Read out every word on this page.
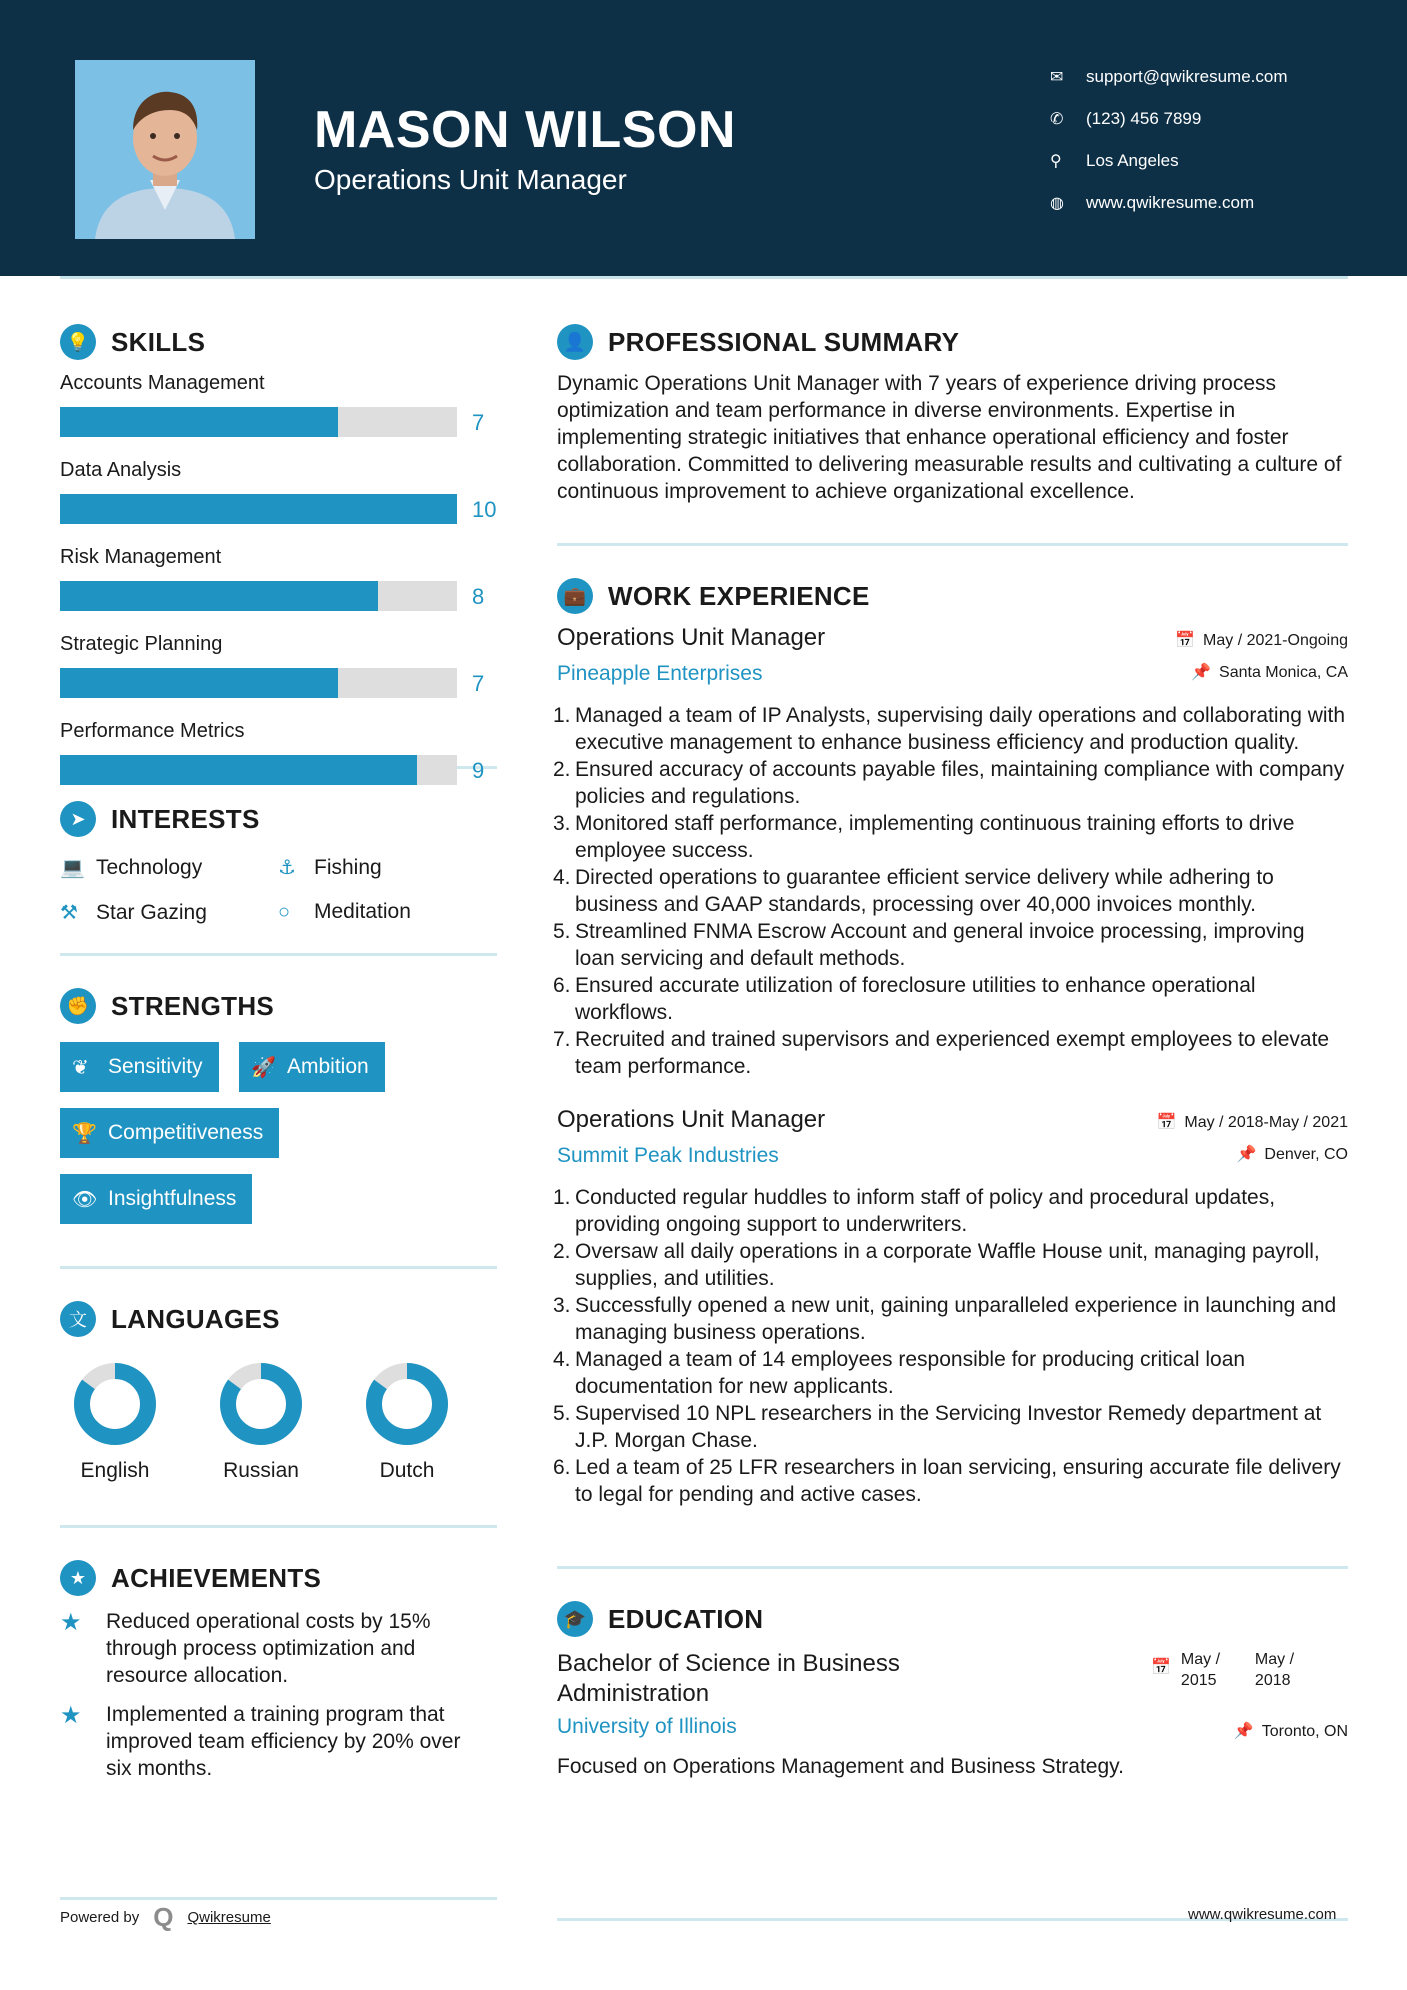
MASON WILSON
Operations Unit Manager
✉	support@qwikresume.com
✆	(123) 456 7899
⚲	Los Angeles
◍	www.qwikresume.com
💡 SKILLS
Accounts Management
7
Data Analysis
10
Risk Management
8
Strategic Planning
7
Performance Metrics
9
➤ INTERESTS
💻 Technology	⚓ Fishing
⚒ Star Gazing	○	Meditation
✊ STRENGTHS
❦ Sensitivity 🚀 Ambition
🏆 Competitiveness
👁 Insightfulness
文 LANGUAGES
English	Russian	Dutch
★ ACHIEVEMENTS
★	Reduced operational costs by 15% through process optimization and resource allocation.
★	Implemented a training program that improved team efficiency by 20% over six months.
Powered by Q Qwikresume
👤 PROFESSIONAL SUMMARY
Dynamic Operations Unit Manager with 7 years of experience driving process optimization and team performance in diverse environments. Expertise in implementing strategic initiatives that enhance operational efficiency and foster collaboration. Committed to delivering measurable results and cultivating a culture of continuous improvement to achieve organizational excellence.
💼 WORK EXPERIENCE
Operations Unit Manager
Pineapple Enterprises
📅 May / 2021-Ongoing
📌 Santa Monica, CA
1. Managed a team of IP Analysts, supervising daily operations and collaborating with executive management to enhance business efficiency and production quality.
2. Ensured accuracy of accounts payable files, maintaining compliance with company policies and regulations.
3. Monitored staff performance, implementing continuous training efforts to drive employee success.
4. Directed operations to guarantee efficient service delivery while adhering to business and GAAP standards, processing over 40,000 invoices monthly.
5. Streamlined FNMA Escrow Account and general invoice processing, improving loan servicing and default methods.
6. Ensured accurate utilization of foreclosure utilities to enhance operational workflows.
7. Recruited and trained supervisors and experienced exempt employees to elevate team performance.
Operations Unit Manager
Summit Peak Industries
📅 May / 2018-May / 2021
📌 Denver, CO
1. Conducted regular huddles to inform staff of policy and procedural updates, providing ongoing support to underwriters.
2. Oversaw all daily operations in a corporate Waffle House unit, managing payroll, supplies, and utilities.
3. Successfully opened a new unit, gaining unparalleled experience in launching and managing business operations.
4. Managed a team of 14 employees responsible for producing critical loan documentation for new applicants.
5. Supervised 10 NPL researchers in the Servicing Investor Remedy department at J.P. Morgan Chase.
6. Led a team of 25 LFR researchers in loan servicing, ensuring accurate file delivery to legal for pending and active cases.
🎓 EDUCATION
Bachelor of Science in Business Administration
University of Illinois
📅 May / 2015
May / 2018
📌 Toronto, ON
Focused on Operations Management and Business Strategy.
www.qwikresume.com
